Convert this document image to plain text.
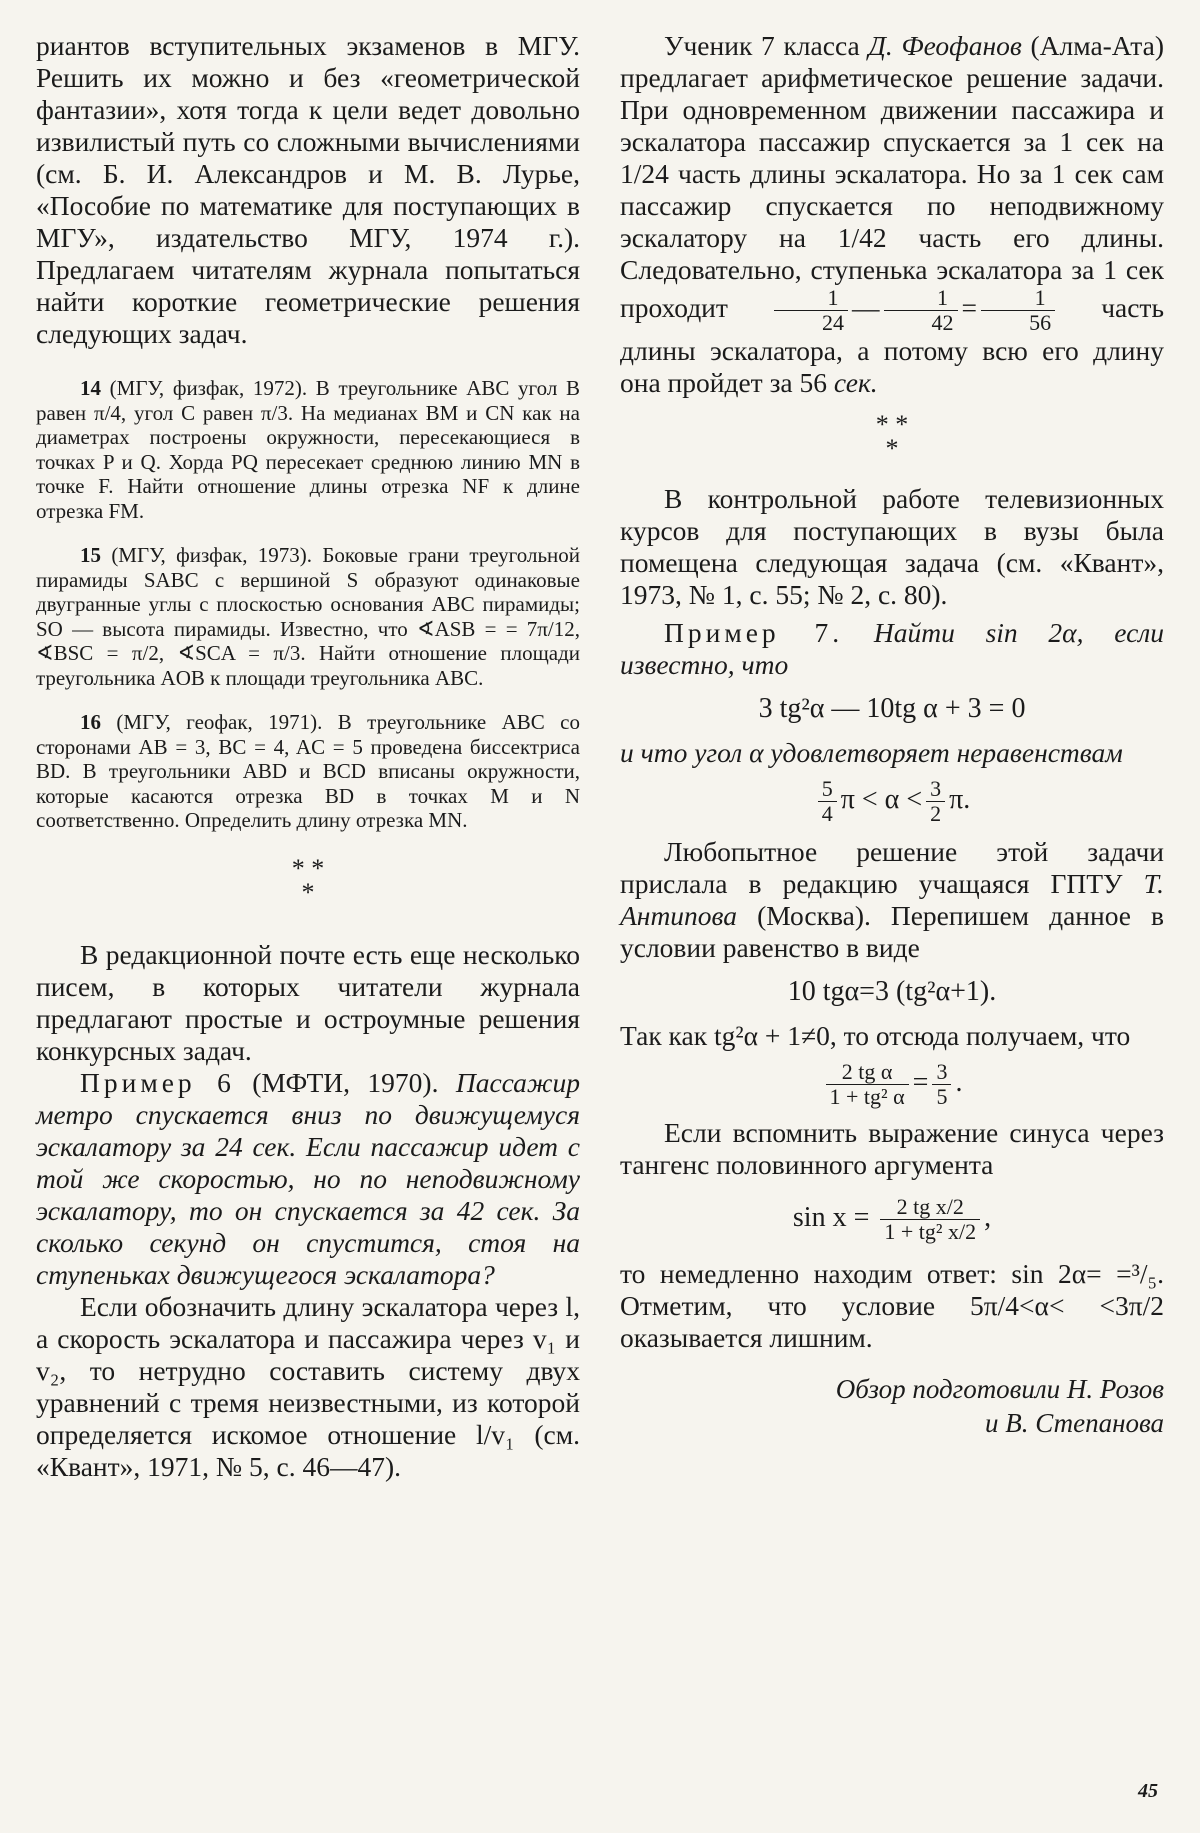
риантов вступительных экзаменов в МГУ. Решить их можно и без «геометрической фантазии», хотя тогда к цели ведет довольно извилистый путь со сложными вычислениями (см. Б. И. Александров и М. В. Лурье, «Пособие по математике для поступающих в МГУ», издательство МГУ, 1974 г.). Предлагаем читателям журнала попытаться найти короткие геометрические решения следующих задач.

14 (МГУ, физфак, 1972). В треугольнике ABC угол B равен π/4, угол C равен π/3. На медианах BM и CN как на диаметрах построены окружности, пересекающиеся в точках P и Q. Хорда PQ пересекает среднюю линию MN в точке F. Найти отношение длины отрезка NF к длине отрезка FM.

15 (МГУ, физфак, 1973). Боковые грани треугольной пирамиды SABC с вершиной S образуют одинаковые двугранные углы с плоскостью основания ABC пирамиды; SO — высота пирамиды. Известно, что ∢ASB = = 7π/12, ∢BSC = π/2, ∢SCA = π/3. Найти отношение площади треугольника AOB к площади треугольника ABC.

16 (МГУ, геофак, 1971). В треугольнике ABC со сторонами AB = 3, BC = 4, AC = 5 проведена биссектриса BD. В треугольники ABD и BCD вписаны окружности, которые касаются отрезка BD в точках M и N соответственно. Определить длину отрезка MN.

* *
*

В редакционной почте есть еще несколько писем, в которых читатели журнала предлагают простые и остроумные решения конкурсных задач.

Пример 6 (МФТИ, 1970). Пассажир метро спускается вниз по движущемуся эскалатору за 24 сек. Если пассажир идет с той же скоростью, но по неподвижному эскалатору, то он спускается за 42 сек. За сколько секунд он спустится, стоя на ступеньках движущегося эскалатора?

Если обозначить длину эскалатора через l, а скорость эскалатора и пассажира через v₁ и v₂, то нетрудно составить систему двух уравнений с тремя неизвестными, из которой определяется искомое отношение l/v₁ (см. «Квант», 1971, № 5, с. 46—47).

Ученик 7 класса Д. Феофанов (Алма-Ата) предлагает арифметическое решение задачи. При одновременном движении пассажира и эскалатора пассажир спускается за 1 сек на 1/24 часть длины эскалатора. Но за 1 сек сам пассажир спускается по неподвижному эскалатору на 1/42 часть его длины. Следовательно, ступенька эскалатора за 1 сек проходит $\frac{1}{24}$ — $\frac{1}{42} = \frac{1}{56}$ часть длины эскалатора, а потому всю его длину она пройдет за 56 сек.

* *
*

В контрольной работе телевизионных курсов для поступающих в вузы была помещена следующая задача (см. «Квант», 1973, № 1, с. 55; № 2, с. 80).

Пример 7. Найти sin 2α, если известно, что

3 tg²α — 10tg α + 3 = 0

и что угол α удовлетворяет неравенствам

$\frac{5}{4}$ $\pi < \alpha < \frac{3}{2} \pi$.

Любопытное решение этой задачи прислала в редакцию учащаяся ГПТУ Т. Антипова (Москва). Перепишем данное в условии равенство в виде

10 tgα=3 (tg²α+1).

Так как tg²α + 1≠0, то отсюда получаем, что

$\frac{\text{2 tg α}}{\text{1 + tg² α}} = \frac{3}{5}$ .

Если вспомнить выражение синуса через тангенс половинного аргумента

$\sin x = \frac{\text{2 tg x/2}}{\text{1 + tg² x/2}}$ ,

то немедленно находим ответ: sin 2α= =³/₅. Отметим, что условие 5π/4<α< <3π/2 оказывается лишним.

Обзор подготовили Н. Розов
и В. Степанова
45
